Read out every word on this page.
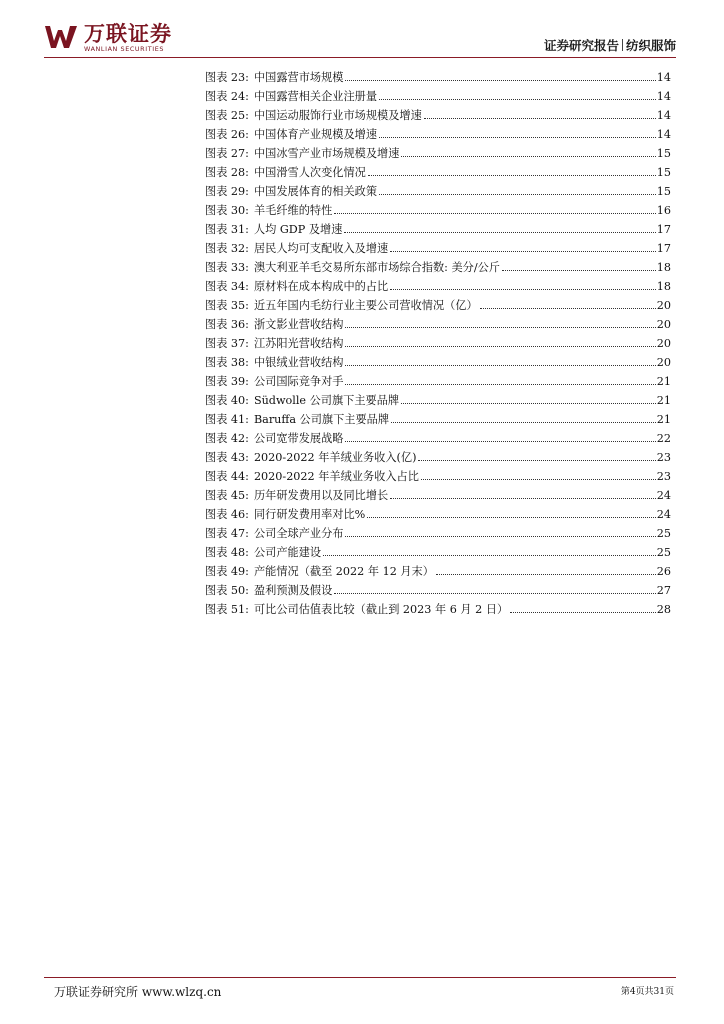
万联证券
WANLIAN SECURITIES	证券研究报告 纺织服饰
图表 23: 中国露营市场规模	14
图表 24: 中国露营相关企业注册量	14
图表 25: 中国运动服饰行业市场规模及增速	14
图表 26: 中国体育产业规模及增速	14
图表 27: 中国冰雪产业市场规模及增速	15
图表 28: 中国滑雪人次变化情况	15
图表 29: 中国发展体育的相关政策	15
图表 30: 羊毛纤维的特性	16
图表 31: 人均 GDP 及增速	17
图表 32: 居民人均可支配收入及增速	17
图表 33: 澳大利亚羊毛交易所东部市场综合指数: 美分/公斤	18
图表 34: 原材料在成本构成中的占比	18
图表 35: 近五年国内毛纺行业主要公司营收情况（亿）	20
图表 36: 浙文影业营收结构	20
图表 37: 江苏阳光营收结构	20
图表 38: 中银绒业营收结构	20
图表 39: 公司国际竞争对手	21
图表 40: Südwolle 公司旗下主要品牌	21
图表 41: Baruffa 公司旗下主要品牌	21
图表 42: 公司宽带发展战略	22
图表 43: 2020-2022 年羊绒业务收入(亿)	23
图表 44: 2020-2022 年羊绒业务收入占比	23
图表 45: 历年研发费用以及同比增长	24
图表 46: 同行研发费用率对比%	24
图表 47: 公司全球产业分布	25
图表 48: 公司产能建设	25
图表 49: 产能情况（截至 2022 年 12 月末）	26
图表 50: 盈利预测及假设	27
图表 51: 可比公司估值表比较（截止到 2023 年 6 月 2 日）	28
万联证券研究所 www.wlzq.cn	第4页共31页
